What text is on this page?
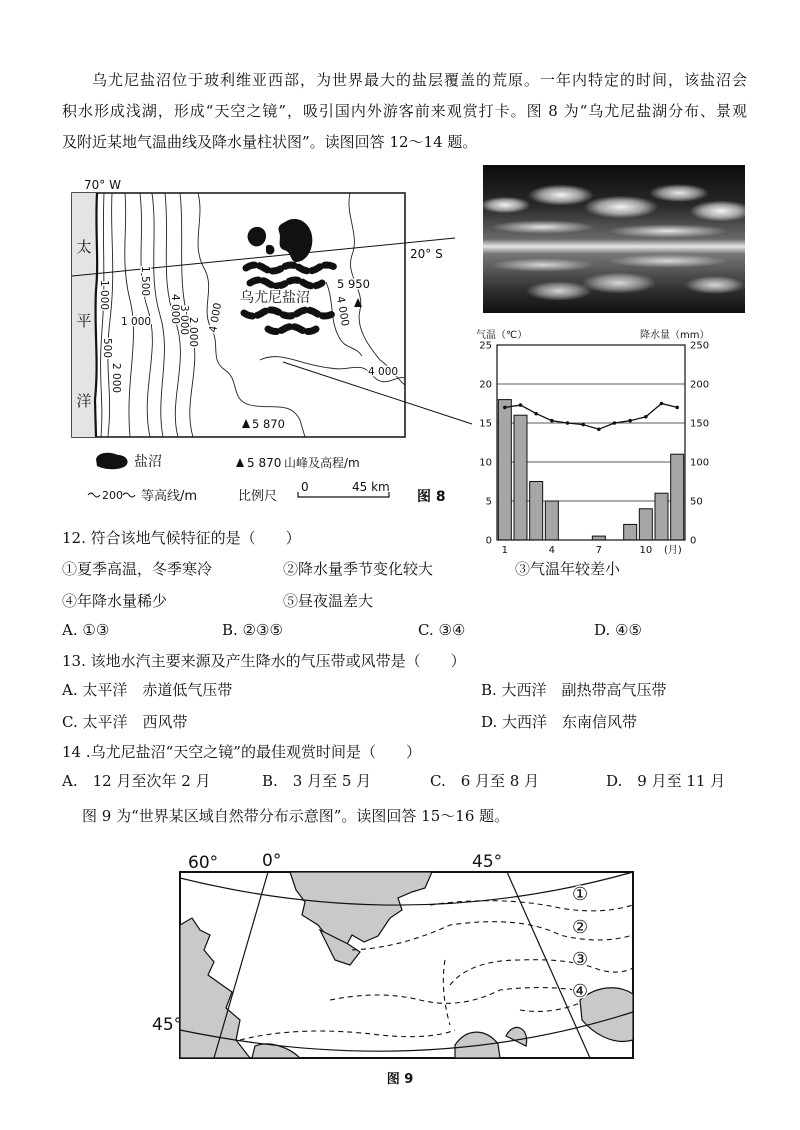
乌尤尼盐沼位于玻利维亚西部，为世界最大的盐层覆盖的荒原。一年内特定的时间，该盐沼会
积水形成浅湖，形成“天空之镜”，吸引国内外游客前来观赏打卡。图 8 为“乌尤尼盐湖分布、景观
及附近某地气温曲线及降水量柱状图”。读图回答 12～14 题。
乌尤尼盐沼
5 950
5 870
70° W
20° S
太
平
洋
1 000	1 500
1 000
500
2 000
4 000
3 000
2 000 4 000	4 000
4 000
盐沼	5 870 山峰及高程/m
200 等高线/m	比例尺
0	45 km
图 8
气温（℃）	降水量（mm）
0
5
10
15
20
25
0
50
100
150
200
250
1	4	7	10 (月)
12. 符合该地气候特征的是（　　）
①夏季高温，冬季寒冷	②降水量季节变化较大	③气温年较差小
④年降水量稀少	⑤昼夜温差大
A. ①③	B. ②③⑤	C. ③④	D. ④⑤
13. 该地水汽主要来源及产生降水的气压带或风带是（　　）
A. 太平洋　赤道低气压带	B. 大西洋　副热带高气压带
C. 太平洋　西风带	D. 大西洋　东南信风带
14 .乌尤尼盐沼“天空之镜”的最佳观赏时间是（　　）
A.　12 月至次年 2 月	B.　3 月至 5 月	C.　6 月至 8 月	D.　9 月至 11 月
图 9 为“世界某区域自然带分布示意图”。读图回答 15～16 题。
60°	0°	45°
45°
①
②
③
④
图 9
